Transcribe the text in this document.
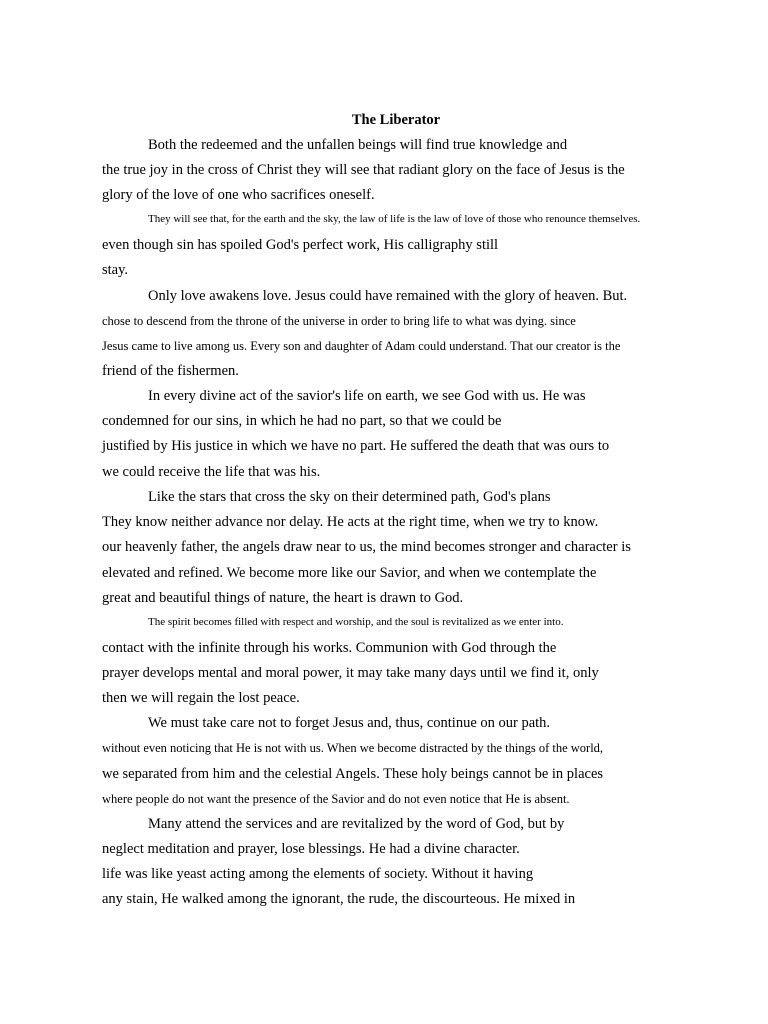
The Liberator
Both the redeemed and the unfallen beings will find true knowledge and
the true joy in the cross of Christ they will see that radiant glory on the face of Jesus is the
glory of the love of one who sacrifices oneself.
They will see that, for the earth and the sky, the law of life is the law of love of those who renounce themselves.
even though sin has spoiled God's perfect work, His calligraphy still
stay.
Only love awakens love. Jesus could have remained with the glory of heaven. But.
chose to descend from the throne of the universe in order to bring life to what was dying. since
Jesus came to live among us. Every son and daughter of Adam could understand. That our creator is the
friend of the fishermen.
In every divine act of the savior's life on earth, we see God with us. He was
condemned for our sins, in which he had no part, so that we could be
justified by His justice in which we have no part. He suffered the death that was ours to
we could receive the life that was his.
Like the stars that cross the sky on their determined path, God's plans
They know neither advance nor delay. He acts at the right time, when we try to know.
our heavenly father, the angels draw near to us, the mind becomes stronger and character is
elevated and refined. We become more like our Savior, and when we contemplate the
great and beautiful things of nature, the heart is drawn to God.
The spirit becomes filled with respect and worship, and the soul is revitalized as we enter into.
contact with the infinite through his works. Communion with God through the
prayer develops mental and moral power, it may take many days until we find it, only
then we will regain the lost peace.
We must take care not to forget Jesus and, thus, continue on our path.
without even noticing that He is not with us. When we become distracted by the things of the world,
we separated from him and the celestial Angels. These holy beings cannot be in places
where people do not want the presence of the Savior and do not even notice that He is absent.
Many attend the services and are revitalized by the word of God, but by
neglect meditation and prayer, lose blessings. He had a divine character.
life was like yeast acting among the elements of society. Without it having
any stain, He walked among the ignorant, the rude, the discourteous. He mixed in
